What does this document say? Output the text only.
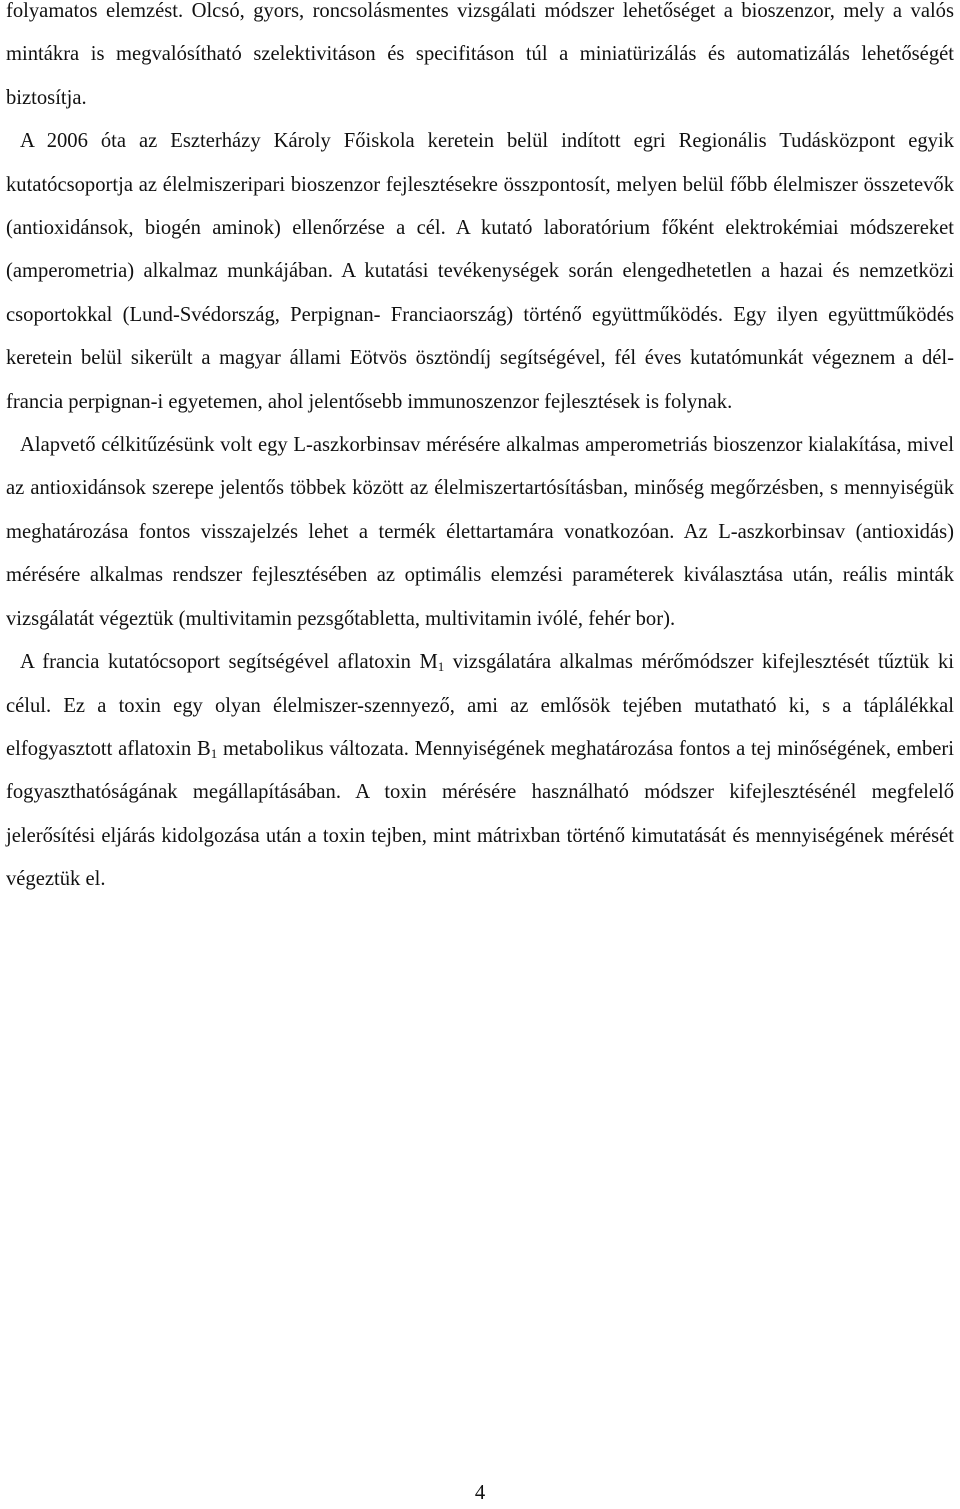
folyamatos elemzést. Olcsó, gyors, roncsolásmentes vizsgálati módszer lehetőséget a bioszenzor, mely a valós mintákra is megvalósítható szelektivitáson és specifitáson túl a miniatürizálás és automatizálás lehetőségét biztosítja.

A 2006 óta az Eszterházy Károly Főiskola keretein belül indított egri Regionális Tudásközpont egyik kutatócsoportja az élelmiszeripari bioszenzor fejlesztésekre összpontosít, melyen belül főbb élelmiszer összetevők (antioxidánsok, biogén aminok) ellenőrzése a cél. A kutató laboratórium főként elektrokémiai módszereket (amperometria) alkalmaz munkájában. A kutatási tevékenységek során elengedhetetlen a hazai és nemzetközi csoportokkal (Lund-Svédország, Perpignan- Franciaország) történő együttműködés. Egy ilyen együttműködés keretein belül sikerült a magyar állami Eötvös ösztöndíj segítségével, fél éves kutatómunkát végeznem a dél-francia perpignan-i egyetemen, ahol jelentősebb immunoszenzor fejlesztések is folynak.

Alapvető célkitűzésünk volt egy L-aszkorbinsav mérésére alkalmas amperometriás bioszenzor kialakítása, mivel az antioxidánsok szerepe jelentős többek között az élelmiszertartósításban, minőség megőrzésben, s mennyiségük meghatározása fontos visszajelzés lehet a termék élettartamára vonatkozóan. Az L-aszkorbinsav (antioxidás) mérésére alkalmas rendszer fejlesztésében az optimális elemzési paraméterek kiválasztása után, reális minták vizsgálatát végeztük (multivitamin pezsgőtabletta, multivitamin ivólé, fehér bor).

A francia kutatócsoport segítségével aflatoxin $M_1$ vizsgálatára alkalmas mérőmódszer kifejlesztését tűztük ki célul. Ez a toxin egy olyan élelmiszer-szennyező, ami az emlősök tejében mutatható ki, s a táplálékkal elfogyasztott aflatoxin $B_1$ metabolikus változata. Mennyiségének meghatározása fontos a tej minőségének, emberi fogyaszthatóságának megállapításában. A toxin mérésére használható módszer kifejlesztésénél megfelelő jelerősítési eljárás kidolgozása után a toxin tejben, mint mátrixban történő kimutatását és mennyiségének mérését végeztük el.

4
